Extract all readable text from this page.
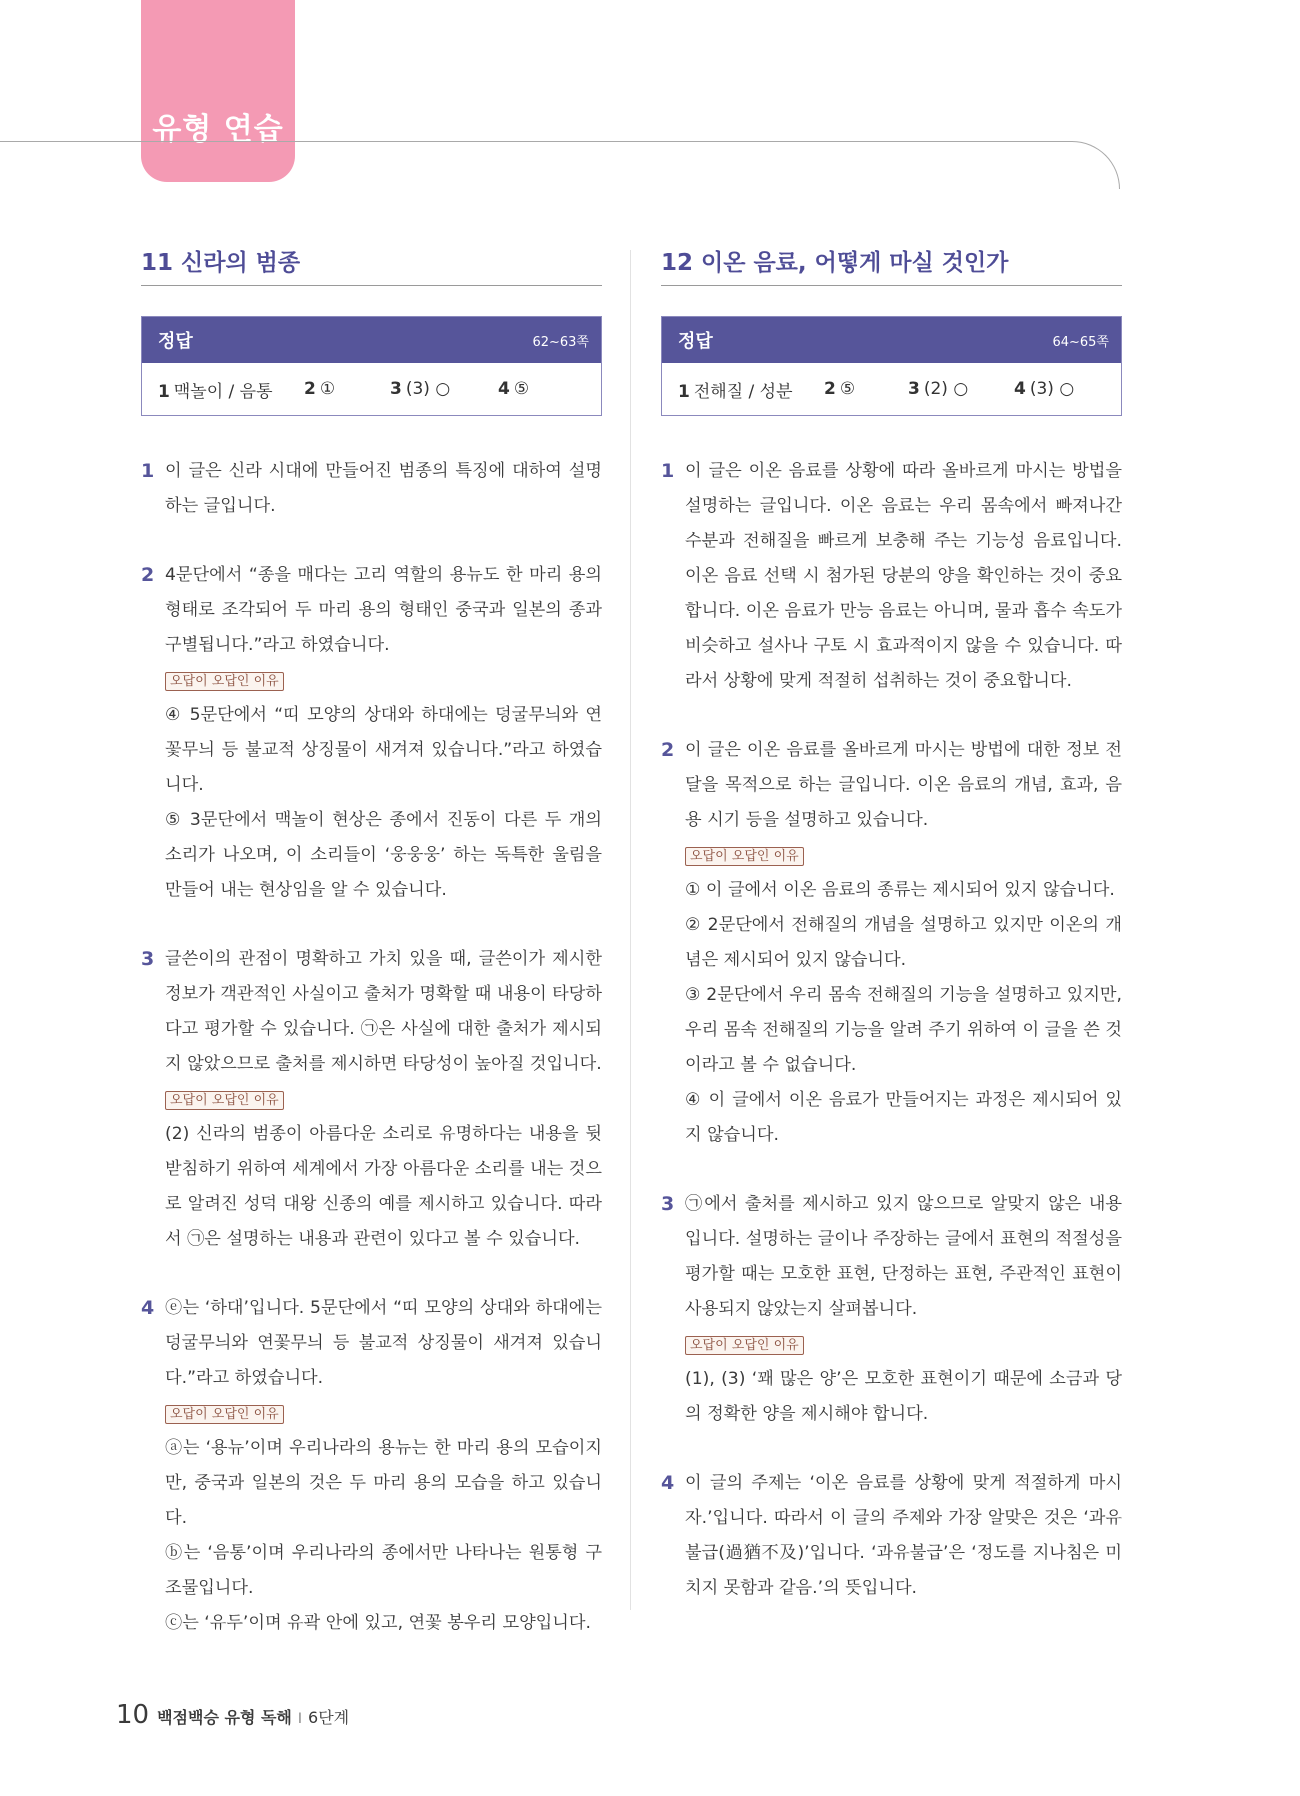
유형 연습
11 신라의 범종
정답	62~63쪽
1 맥놀이 / 음통	2 ①	3 (3) ○	4 ⑤
1 이 글은 신라 시대에 만들어진 범종의 특징에 대하여 설명하는 글입니다.

2 4문단에서 “종을 매다는 고리 역할의 용뉴도 한 마리 용의 형태로 조각되어 두 마리 용의 형태인 중국과 일본의 종과 구별됩니다.”라고 하였습니다.

오답이 오답인 이유

④ 5문단에서 “띠 모양의 상대와 하대에는 덩굴무늬와 연꽃무늬 등 불교적 상징물이 새겨져 있습니다.”라고 하였습니다.

⑤ 3문단에서 맥놀이 현상은 종에서 진동이 다른 두 개의 소리가 나오며, 이 소리들이 ‘웅웅웅’ 하는 독특한 울림을 만들어 내는 현상임을 알 수 있습니다.

3 글쓴이의 관점이 명확하고 가치 있을 때, 글쓴이가 제시한 정보가 객관적인 사실이고 출처가 명확할 때 내용이 타당하다고 평가할 수 있습니다. ㉠은 사실에 대한 출처가 제시되지 않았으므로 출처를 제시하면 타당성이 높아질 것입니다.

오답이 오답인 이유

(2) 신라의 범종이 아름다운 소리로 유명하다는 내용을 뒷받침하기 위하여 세계에서 가장 아름다운 소리를 내는 것으로 알려진 성덕 대왕 신종의 예를 제시하고 있습니다. 따라서 ㉠은 설명하는 내용과 관련이 있다고 볼 수 있습니다.

4 ⓔ는 ‘하대’입니다. 5문단에서 “띠 모양의 상대와 하대에는 덩굴무늬와 연꽃무늬 등 불교적 상징물이 새겨져 있습니다.”라고 하였습니다.

오답이 오답인 이유

ⓐ는 ‘용뉴’이며 우리나라의 용뉴는 한 마리 용의 모습이지만, 중국과 일본의 것은 두 마리 용의 모습을 하고 있습니다.

ⓑ는 ‘음통’이며 우리나라의 종에서만 나타나는 원통형 구조물입니다.

ⓒ는 ‘유두’이며 유곽 안에 있고, 연꽃 봉우리 모양입니다.

12 이온 음료, 어떻게 마실 것인가
정답	64~65쪽
1 전해질 / 성분	2 ⑤	3 (2) ○	4 (3) ○
1 이 글은 이온 음료를 상황에 따라 올바르게 마시는 방법을 설명하는 글입니다. 이온 음료는 우리 몸속에서 빠져나간 수분과 전해질을 빠르게 보충해 주는 기능성 음료입니다. 이온 음료 선택 시 첨가된 당분의 양을 확인하는 것이 중요합니다. 이온 음료가 만능 음료는 아니며, 물과 흡수 속도가 비슷하고 설사나 구토 시 효과적이지 않을 수 있습니다. 따라서 상황에 맞게 적절히 섭취하는 것이 중요합니다.

2 이 글은 이온 음료를 올바르게 마시는 방법에 대한 정보 전달을 목적으로 하는 글입니다. 이온 음료의 개념, 효과, 음용 시기 등을 설명하고 있습니다.

오답이 오답인 이유

① 이 글에서 이온 음료의 종류는 제시되어 있지 않습니다.

② 2문단에서 전해질의 개념을 설명하고 있지만 이온의 개념은 제시되어 있지 않습니다.

③ 2문단에서 우리 몸속 전해질의 기능을 설명하고 있지만, 우리 몸속 전해질의 기능을 알려 주기 위하여 이 글을 쓴 것이라고 볼 수 없습니다.

④ 이 글에서 이온 음료가 만들어지는 과정은 제시되어 있지 않습니다.

3 ㉠에서 출처를 제시하고 있지 않으므로 알맞지 않은 내용입니다. 설명하는 글이나 주장하는 글에서 표현의 적절성을 평가할 때는 모호한 표현, 단정하는 표현, 주관적인 표현이 사용되지 않았는지 살펴봅니다.

오답이 오답인 이유

(1), (3) ‘꽤 많은 양’은 모호한 표현이기 때문에 소금과 당의 정확한 양을 제시해야 합니다.

4 이 글의 주제는 ‘이온 음료를 상황에 맞게 적절하게 마시자.’입니다. 따라서 이 글의 주제와 가장 알맞은 것은 ‘과유불급(過猶不及)’입니다. ‘과유불급’은 ‘정도를 지나침은 미치지 못함과 같음.’의 뜻입니다.

10 백점백승 유형 독해 I 6단계
